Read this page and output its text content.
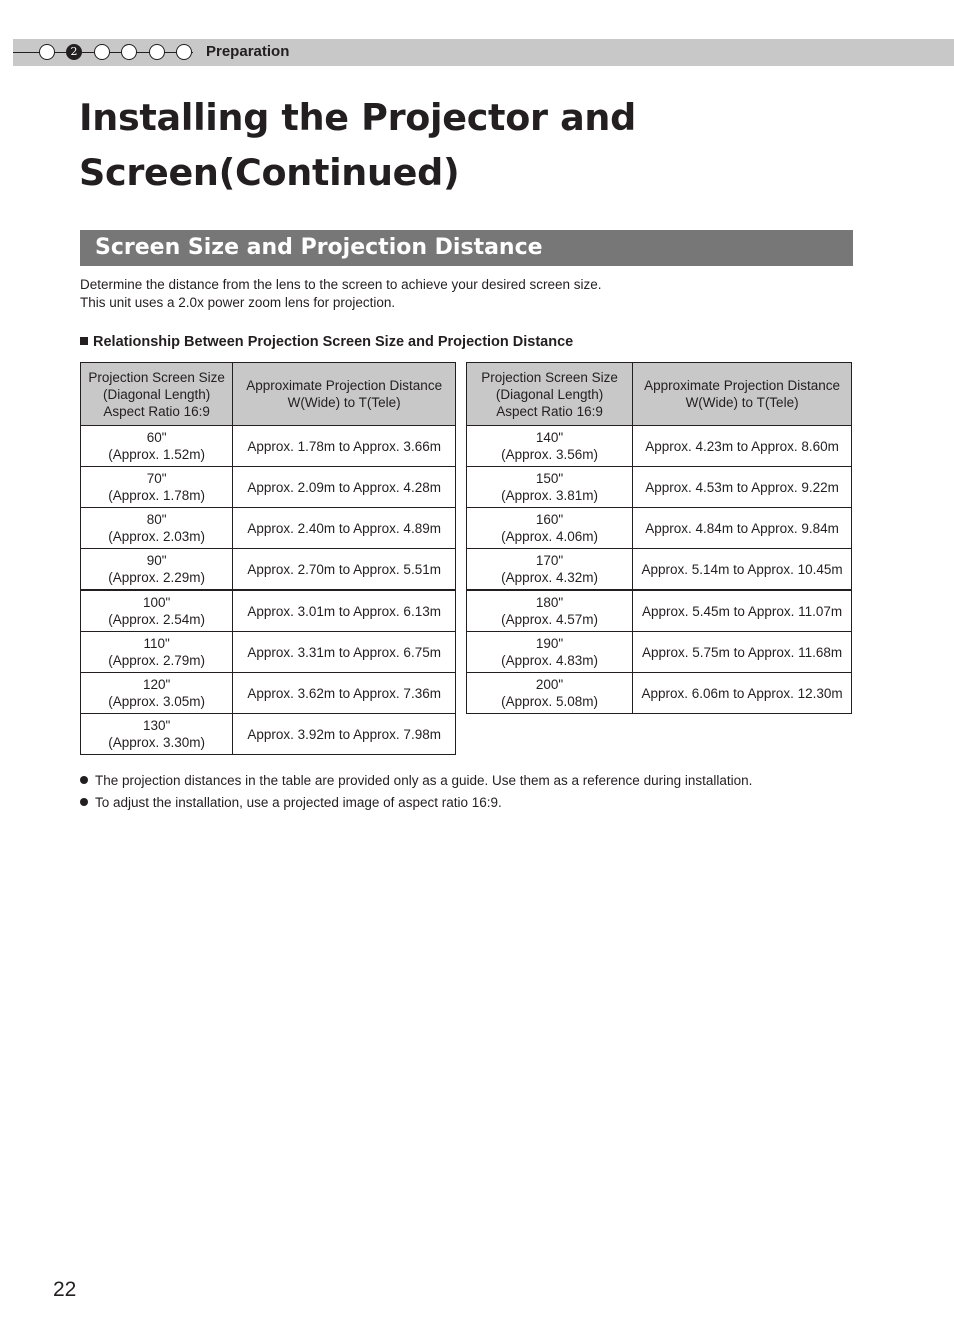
2	Preparation
Installing the Projector and
Screen(Continued)
Screen Size and Projection Distance

Determine the distance from the lens to the screen to achieve your desired screen size.

This unit uses a 2.0x power zoom lens for projection.

Relationship Between Projection Screen Size and Projection Distance
Projection Screen Size
(Diagonal Length)
Aspect Ratio 16:9	Approximate Projection Distance
W(Wide) to T(Tele)
60"
(Approx. 1.52m)	Approx. 1.78m to Approx. 3.66m
70"
(Approx. 1.78m)	Approx. 2.09m to Approx. 4.28m
80"
(Approx. 2.03m)	Approx. 2.40m to Approx. 4.89m
90"
(Approx. 2.29m)	Approx. 2.70m to Approx. 5.51m
100"
(Approx. 2.54m)	Approx. 3.01m to Approx. 6.13m
110"
(Approx. 2.79m)	Approx. 3.31m to Approx. 6.75m
120"
(Approx. 3.05m)	Approx. 3.62m to Approx. 7.36m
130"
(Approx. 3.30m)	Approx. 3.92m to Approx. 7.98m
Projection Screen Size
(Diagonal Length)
Aspect Ratio 16:9	Approximate Projection Distance
W(Wide) to T(Tele)
140"
(Approx. 3.56m)	Approx. 4.23m to Approx. 8.60m
150"
(Approx. 3.81m)	Approx. 4.53m to Approx. 9.22m
160"
(Approx. 4.06m)	Approx. 4.84m to Approx. 9.84m
170"
(Approx. 4.32m)	Approx. 5.14m to Approx. 10.45m
180"
(Approx. 4.57m)	Approx. 5.45m to Approx. 11.07m
190"
(Approx. 4.83m)	Approx. 5.75m to Approx. 11.68m
200"
(Approx. 5.08m)	Approx. 6.06m to Approx. 12.30m
The projection distances in the table are provided only as a guide. Use them as a reference during installation.
To adjust the installation, use a projected image of aspect ratio 16:9.
22
